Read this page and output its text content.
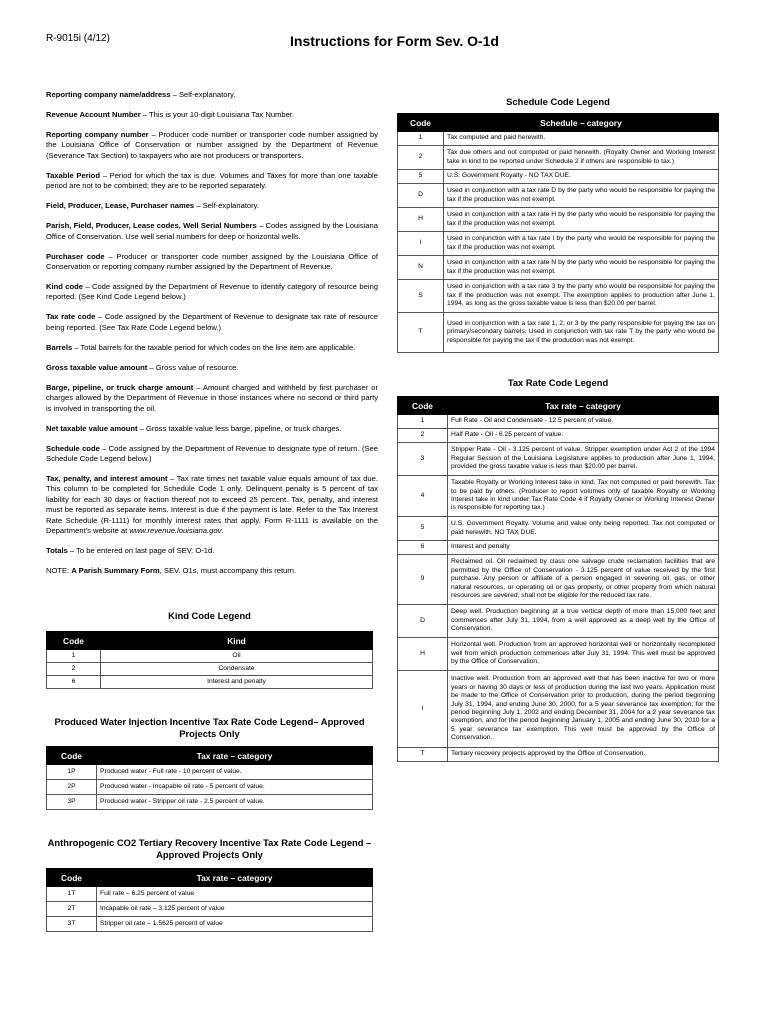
R-9015i (4/12)	Instructions for Form Sev. O-1d

Reporting company name/address – Self-explanatory.

Revenue Account Number – This is your 10-digit Louisiana Tax Number.

Reporting company number – Producer code number or transporter code number assigned by the Louisiana Office of Conservation or number assigned by the Department of Revenue (Severance Tax Section) to taxpayers who are not producers or transporters.

Taxable Period – Period for which the tax is due. Volumes and Taxes for more than one taxable period are not to be combined; they are to be reported separately.

Field, Producer, Lease, Purchaser names – Self-explanatory.

Parish, Field, Producer, Lease codes, Well Serial Numbers – Codes assigned by the Louisiana Office of Conservation. Use well serial numbers for deep or horizontal wells.

Purchaser code – Producer or transporter code number assigned by the Louisiana Office of Conservation or reporting company number assigned by the Department of Revenue.

Kind code – Code assigned by the Department of Revenue to identify category of resource being reported. (See Kind Code Legend below.)

Tax rate code – Code assigned by the Department of Revenue to designate tax rate of resource being reported. (See Tax Rate Code Legend below.)

Barrels – Total barrels for the taxable period for which codes on the line item are applicable.

Gross taxable value amount – Gross value of resource.

Barge, pipeline, or truck charge amount – Amount charged and withheld by first purchaser or charges allowed by the Department of Revenue in those instances where no second or third party is involved in transporting the oil.

Net taxable value amount – Gross taxable value less barge, pipeline, or truck charges.

Schedule code – Code assigned by the Department of Revenue to designate type of return. (See Schedule Code Legend below.)

Tax, penalty, and interest amount – Tax rate times net taxable value equals amount of tax due. This column to be completed for Schedule Code 1 only. Delinquent penalty is 5 percent of tax liability for each 30 days or fraction thereof not to exceed 25 percent. Tax, penalty, and interest must be reported as separate items. Interest is due if the payment is late. Refer to the Tax Interest Rate Schedule (R-1111) for monthly interest rates that apply. Form R-1111 is available on the Department's website at www.revenue.louisiana.gov.

Totals – To be entered on last page of SEV. O-1d.

NOTE: A Parish Summary Form, SEV. O1s, must accompany this return.

Kind Code Legend
Code	Kind
1	Oil
2	Condensate
6	Interest and penalty
Produced Water Injection Incentive Tax Rate Code Legend– Approved Projects Only
Code	Tax rate – category
1P	Produced water - Full rate - 10 percent of value.
2P	Produced water - Incapable oil rate - 5 percent of value.
3P	Produced water - Stripper oil rate - 2.5 percent of value.
Anthropogenic CO2 Tertiary Recovery Incentive Tax Rate Code Legend – Approved Projects Only
Code	Tax rate – category
1T	Full rate – 6.25 percent of value
2T	Incapable oil rate – 3.125 percent of value
3T	Stripper oil rate – 1.5625 percent of value
Schedule Code Legend
Code	Schedule – category
1	Tax computed and paid herewith.
2	Tax due others and not computed or paid herewith. (Royalty Owner and Working Interest take in kind to be reported under Schedule 2 if others are responsible to tax.)
5	U.S. Government Royalty - NO TAX DUE.
D	Used in conjunction with a tax rate D by the party who would be responsible for paying the tax if the production was not exempt.
H	Used in conjunction with a tax rate H by the party who would be responsible for paying the tax if the production was not exempt.
I	Used in conjunction with a tax rate I by the party who would be responsible for paying the tax if the production was not exempt.
N	Used in conjunction with a tax rate N by the party who would be responsible for paying the tax if the production was not exempt.
S	Used in conjunction with a tax rate 3 by the party who would be responsible for paying the tax if the production was not exempt. The exemption applies to production after June 1, 1994, as long as the gross taxable value is less than $20.00 per barrel.
T	Used in conjunction with a tax rate 1, 2, or 3 by the party responsible for paying the tax on primary/secondary barrels. Used in conjunction with tax rate T by the party who would be responsible for paying the tax if the production was not exempt.
Tax Rate Code Legend
Code	Tax rate – category
1	Full Rate - Oil and Condensate - 12.5 percent of value.
2	Half Rate - Oil - 6.25 percent of value.
3	Stripper Rate - Oil - 3.125 percent of value. Stripper exemption under Act 2 of the 1994 Regular Session of the Louisiana Legislature applies to production after June 1, 1994, provided the gross taxable value is less than $20.00 per barrel.
4	Taxable Royalty or Working Interest take in kind. Tax not computed or paid herewith. Tax to be paid by others. (Producer to report volumes only of taxable Royalty or Working Interest take in kind under Tax Rate Code 4 if Royalty Owner or Working Interest Owner is responsible for reporting tax.)
5	U.S. Government Royalty. Volume and value only being reported. Tax not computed or paid herewith. NO TAX DUE.
6	Interest and penalty
9	Reclaimed oil. Oil reclaimed by class one salvage crude reclamation facilities that are permitted by the Office of Conservation - 3.125 percent of value received by the first purchase. Any person or affiliate of a person engaged in severing oil, gas, or other natural resources, or operating oil or gas property, or other property from which natural resources are severed, shall not be eligible for the reduced tax rate.
D	Deep well. Production beginning at a true vertical depth of more than 15,000 feet and commences after July 31, 1994, from a well approved as a deep well by the Office of Conservation.
H	Horizontal well. Production from an approved horizontal well or horizontally recompleted well from which production commences after July 31, 1994. This well must be approved by the Office of Conservation.
I	Inactive well. Production from an approved well that has been inactive for two or more years or having 30 days or less of production during the last two years. Application must be made to the Office of Conservation prior to production, during the period beginning July 31, 1994, and ending June 30, 2000, for a 5 year severance tax exemption; for the period beginning July 1, 2002 and ending December 31, 2004 for a 2 year severance tax exemption, and for the period beginning January 1, 2005 and ending June 30, 2010 for a 5 year severance tax exemption. This well must be approved by the Office of Conservation.
T	Tertiary recovery projects approved by the Office of Conservation.
